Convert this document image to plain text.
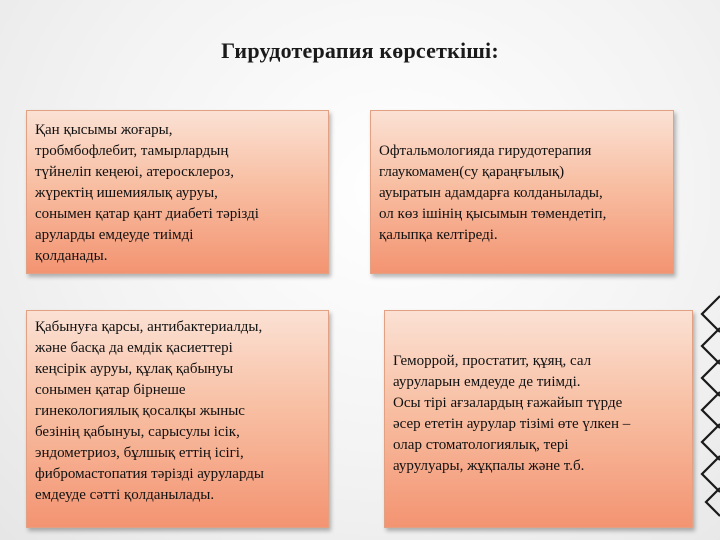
Гирудотерапия көрсеткіші:

Қан қысымы жоғары,
тробмбофлебит, тамырлардың
түйнеліп кеңеюі, атеросклероз,
жүректің ишемиялық ауруы,
сонымен қатар қант диабеті тәрізді
аруларды емдеуде тиімді
қолданады.

Офтальмологияда гирудотерапия
глаукомамен(су қараңғылық)
ауыратын адамдарға колданылады,
ол көз ішінің қысымын төмендетіп,
қалыпқа келтіреді.

Қабынуға қарсы, антибактериалды,
және басқа да емдік қасиеттері
кеңсірік ауруы, құлақ қабынуы
сонымен қатар бірнеше
гинекологиялық қосалқы жыныс
безінің қабынуы, сарысулы ісік,
эндометриоз, бұлшық еттің ісігі,
фибромастопатия тәрізді ауруларды
емдеуде сәтті қолданылады.

Геморрой, простатит, құяң, сал
ауруларын емдеуде де тиімді.
Осы тірі ағзалардың ғажайып түрде
әсер ететін аурулар тізімі өте үлкен –
олар стоматологиялық, тері
аурулуары, жұқпалы және т.б.
